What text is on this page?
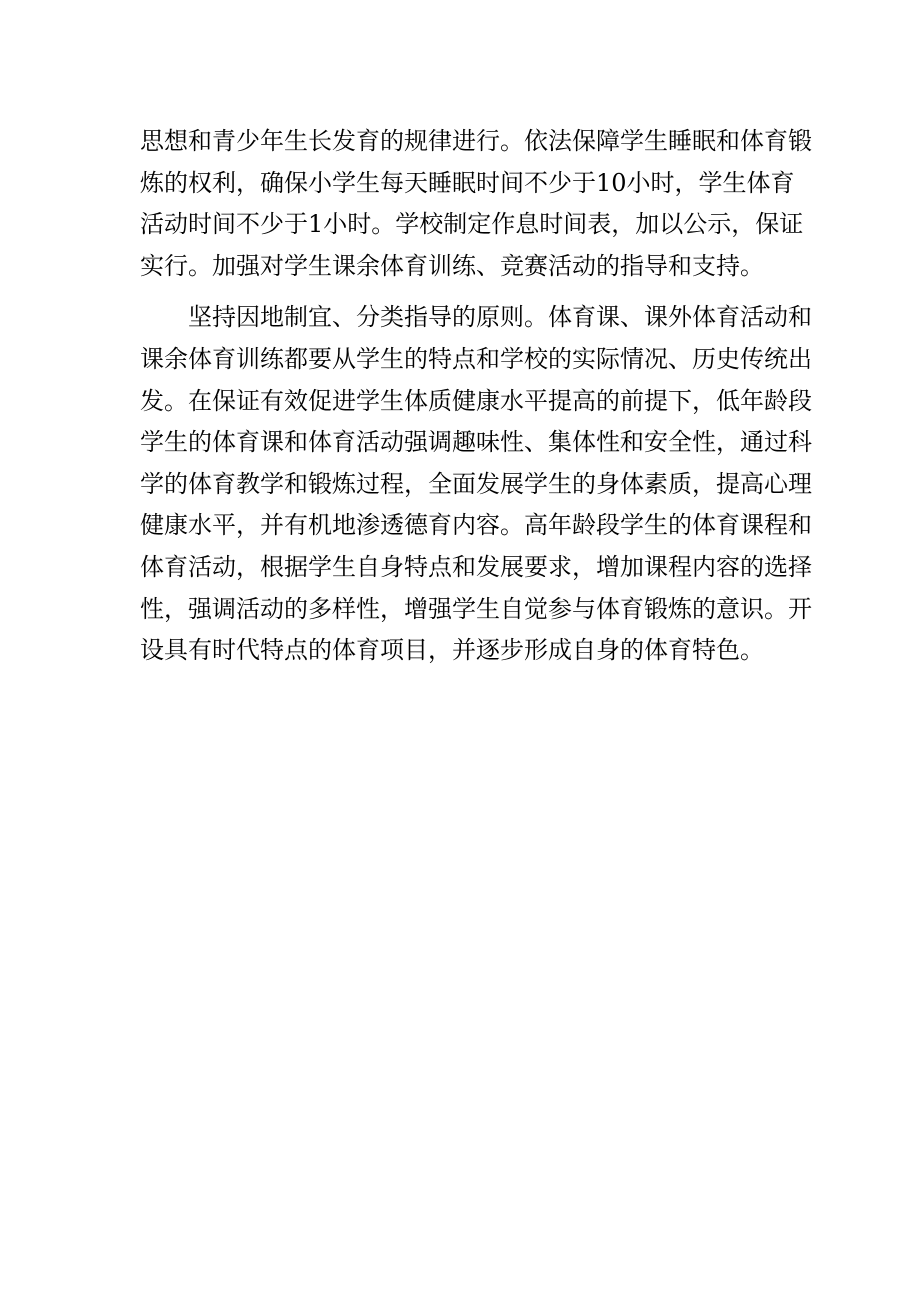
思想和青少年生长发育的规律进行。依法保障学生睡眠和体育锻
炼的权利，确保小学生每天睡眠时间不少于10小时，学生体育
活动时间不少于1小时。学校制定作息时间表，加以公示，保证
实行。加强对学生课余体育训练、竞赛活动的指导和支持。
坚持因地制宜、分类指导的原则。体育课、课外体育活动和
课余体育训练都要从学生的特点和学校的实际情况、历史传统出
发。在保证有效促进学生体质健康水平提高的前提下，低年龄段
学生的体育课和体育活动强调趣味性、集体性和安全性，通过科
学的体育教学和锻炼过程，全面发展学生的身体素质，提高心理
健康水平，并有机地渗透德育内容。高年龄段学生的体育课程和
体育活动，根据学生自身特点和发展要求，增加课程内容的选择
性，强调活动的多样性，增强学生自觉参与体育锻炼的意识。开
设具有时代特点的体育项目，并逐步形成自身的体育特色。
